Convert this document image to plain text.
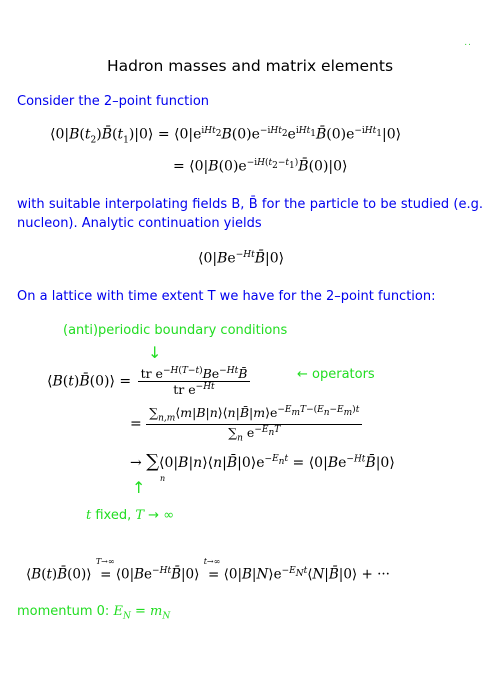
..
Hadron masses and matrix elements
Consider the 2–point function
$⟨0|B(t_2)B̄(t_1)|0⟩$ = $⟨0|e^{iHt_2}B(0)e^{-iHt_2}e^{iHt_1}B̄(0)e^{-iHt_1}|0⟩$
= $⟨0|B(0)e^{-iH(t_2-t_1)}B̄(0)|0⟩$
with suitable interpolating fields B, B̄ for the particle to be studied (e.g. nucleon). Analytic continuation yields
$⟨0|Be^{-Ht}B̄|0⟩$
On a lattice with time extent T we have for the 2–point function:
(anti)periodic boundary conditions
↓
⟨B(t)B̄(0)⟩ = $\frac{tr e^{-H(T-t)}Be^{-Ht}B̄}{tr e^{-Ht}}$	← operators
= $\frac{\sum_{n,m}⟨m|B|n⟩⟨n|B̄|m⟩e^{-E_mT-(E_n-E_m)t}}{\sum_n e^{-E_nT}}$
→ $\sum⟨0|B|n⟩⟨n|B̄|0⟩e^{-E_nt}$ = $⟨0|Be^{-Ht}B̄|0⟩$
n
↑
t fixed, T → ∞
⟨B(t)B̄(0)⟩
T→∞
= $⟨0|Be^{-Ht}B̄|0⟩$
t→∞
= $⟨0|B|N⟩e^{-E_Nt}⟨N|B̄|0⟩$ + ···
momentum 0: $E_N = m_N$
